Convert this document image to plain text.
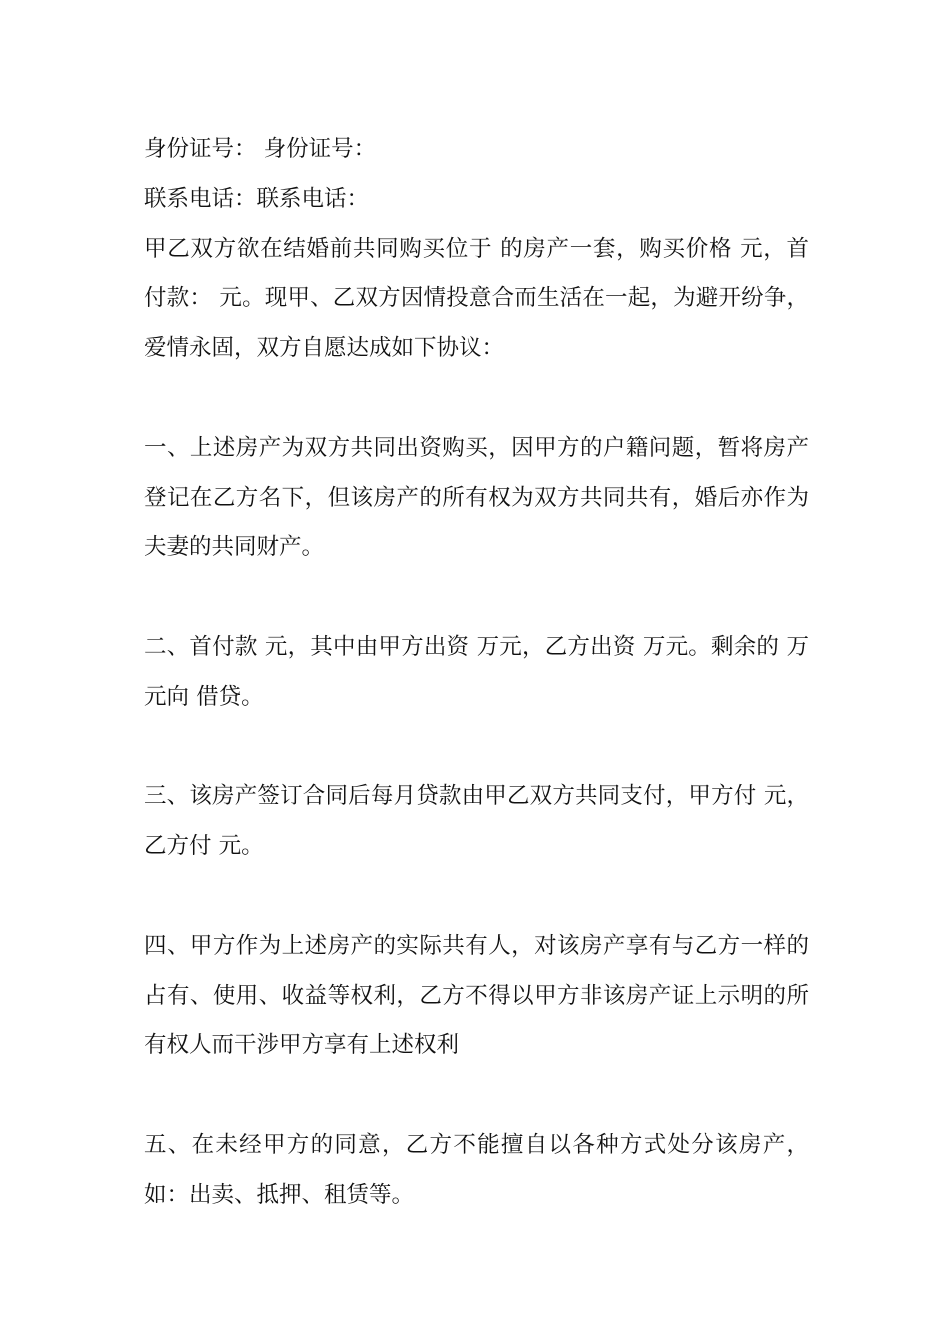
身份证号： 身份证号：

联系电话：联系电话：

甲乙双方欲在结婚前共同购买位于 的房产一套，购买价格 元，首付款： 元。现甲、乙双方因情投意合而生活在一起，为避开纷争，爱情永固，双方自愿达成如下协议：

一、上述房产为双方共同出资购买，因甲方的户籍问题，暂将房产登记在乙方名下，但该房产的所有权为双方共同共有，婚后亦作为夫妻的共同财产。

二、首付款 元，其中由甲方出资 万元，乙方出资 万元。剩余的 万元向 借贷。

三、该房产签订合同后每月贷款由甲乙双方共同支付，甲方付 元，乙方付 元。

四、甲方作为上述房产的实际共有人，对该房产享有与乙方一样的占有、使用、收益等权利，乙方不得以甲方非该房产证上示明的所有权人而干涉甲方享有上述权利

五、在未经甲方的同意，乙方不能擅自以各种方式处分该房产，如：出卖、抵押、租赁等。
